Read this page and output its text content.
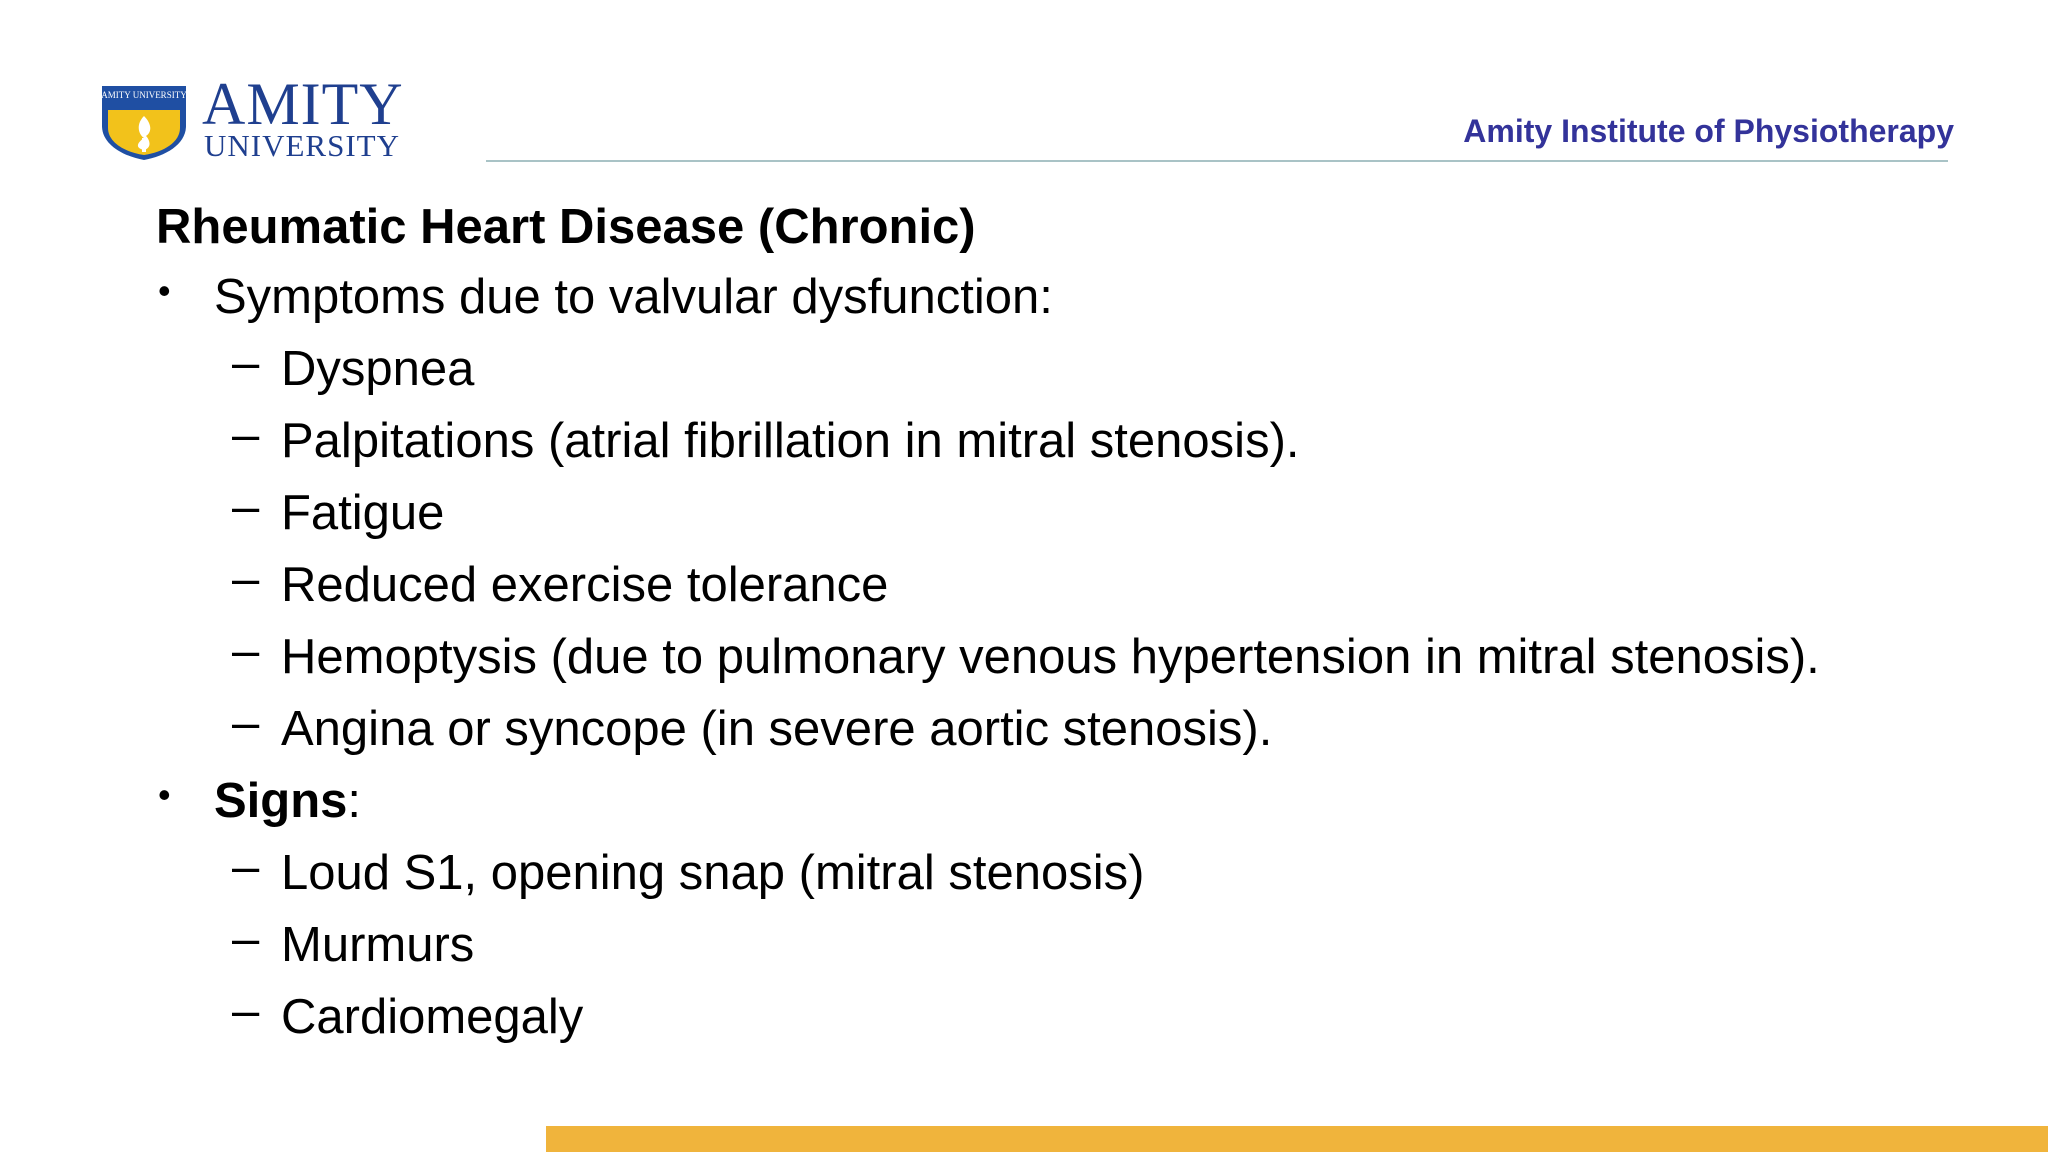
AMITY UNIVERSITY AMITY
UNIVERSITY	Amity Institute of Physiotherapy
Rheumatic Heart Disease (Chronic)
• Symptoms due to valvular dysfunction:
– Dyspnea
– Palpitations (atrial fibrillation in mitral stenosis).
– Fatigue
– Reduced exercise tolerance
– Hemoptysis (due to pulmonary venous hypertension in mitral stenosis).
– Angina or syncope (in severe aortic stenosis).
• Signs:
– Loud S1, opening snap (mitral stenosis)
– Murmurs
– Cardiomegaly
